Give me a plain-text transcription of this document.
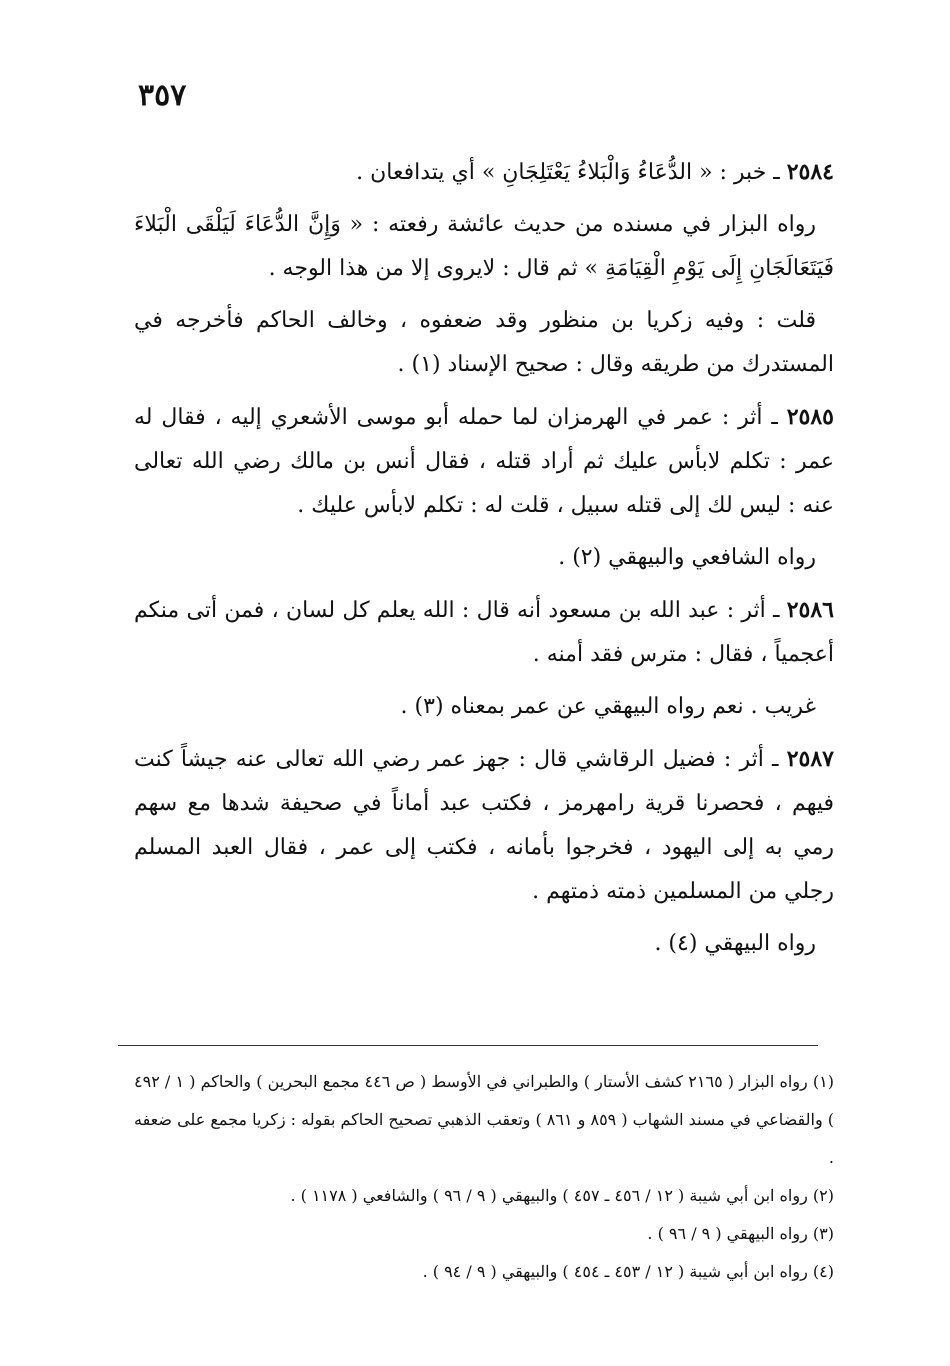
٣٥٧

٢٥٨٤ ـ خبر : « الدُّعَاءُ وَالْبَلاءُ يَعْتَلِجَانِ » أي يتدافعان .

رواه البزار في مسنده من حديث عائشة رفعته : « وَإِنَّ الدُّعَاءَ لَيَلْقَى الْبَلاءَ فَيَتَعَالَجَانِ إِلَى يَوْمِ الْقِيَامَةِ » ثم قال : لايروى إلا من هذا الوجه .

قلت : وفيه زكريا بن منظور وقد ضعفوه ، وخالف الحاكم فأخرجه في المستدرك من طريقه وقال : صحيح الإسناد (١) .

٢٥٨٥ ـ أثر : عمر في الهرمزان لما حمله أبو موسى الأشعري إليه ، فقال له عمر : تكلم لابأس عليك ثم أراد قتله ، فقال أنس بن مالك رضي الله تعالى عنه : ليس لك إلى قتله سبيل ، قلت له : تكلم لابأس عليك .

رواه الشافعي والبيهقي (٢) .

٢٥٨٦ ـ أثر : عبد الله بن مسعود أنه قال : الله يعلم كل لسان ، فمن أتى منكم أعجمياً ، فقال : مترس فقد أمنه .

غريب . نعم رواه البيهقي عن عمر بمعناه (٣) .

٢٥٨٧ ـ أثر : فضيل الرقاشي قال : جهز عمر رضي الله تعالى عنه جيشاً كنت فيهم ، فحصرنا قرية رامهرمز ، فكتب عبد أماناً في صحيفة شدها مع سهم رمي به إلى اليهود ، فخرجوا بأمانه ، فكتب إلى عمر ، فقال العبد المسلم رجلي من المسلمين ذمته ذمتهم .

رواه البيهقي (٤) .

(١) رواه البزار ( ٢١٦٥ كشف الأستار ) والطبراني في الأوسط ( ص ٤٤٦ مجمع البحرين ) والحاكم ( ١ / ٤٩٢ ) والقضاعي في مسند الشهاب ( ٨٥٩ و ٨٦١ ) وتعقب الذهبي تصحيح الحاكم بقوله : زكريا مجمع على ضعفه .
(٢) رواه ابن أبي شيبة ( ١٢ / ٤٥٦ ـ ٤٥٧ ) والبيهقي ( ٩ / ٩٦ ) والشافعي ( ١١٧٨ ) .
(٣) رواه البيهقي ( ٩ / ٩٦ ) .
(٤) رواه ابن أبي شيبة ( ١٢ / ٤٥٣ ـ ٤٥٤ ) والبيهقي ( ٩ / ٩٤ ) .
